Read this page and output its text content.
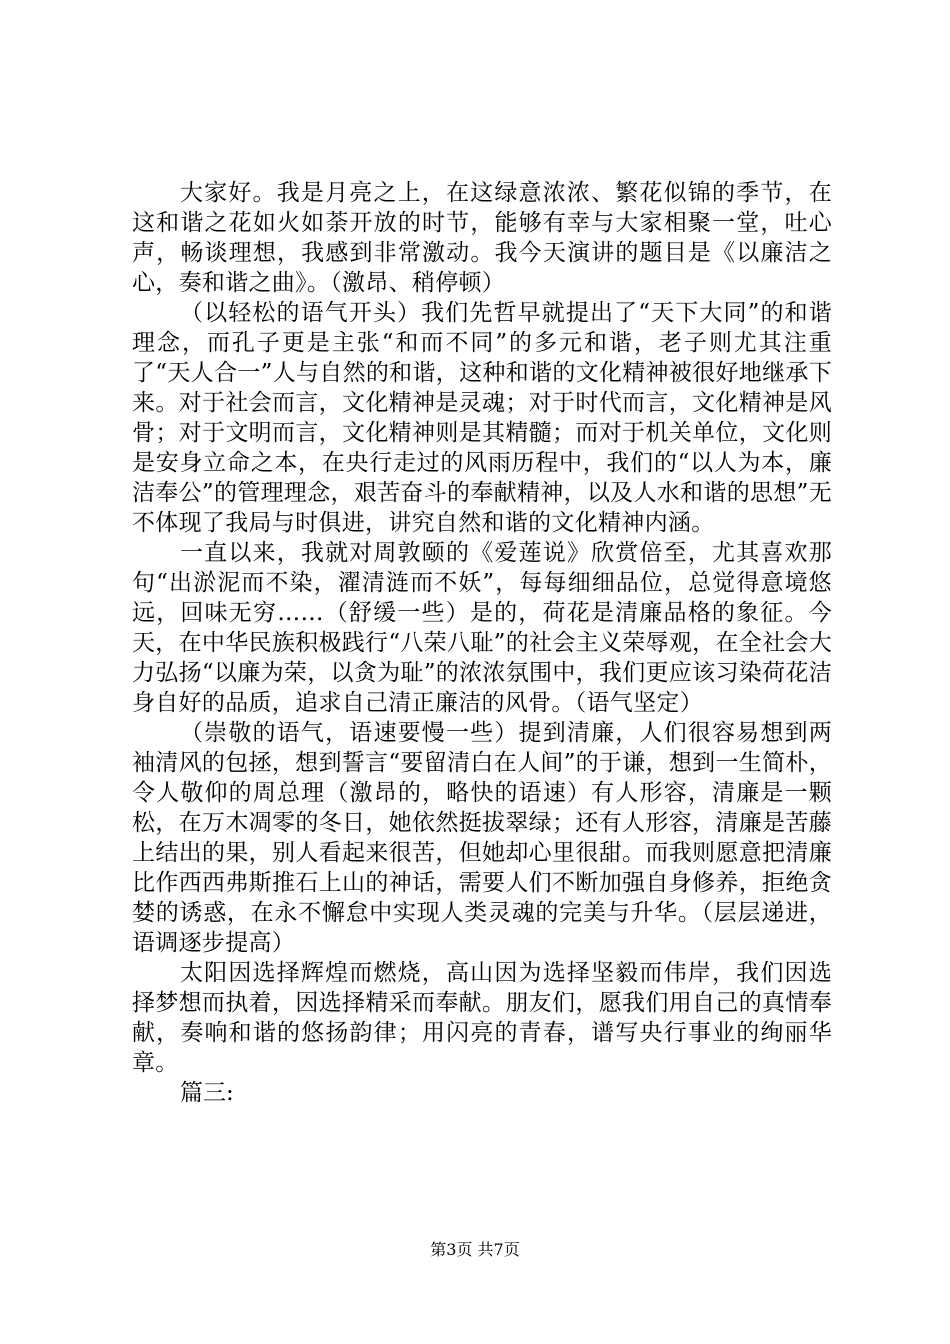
大家好。我是月亮之上，在这绿意浓浓、繁花似锦的季节，在这和谐之花如火如荼开放的时节，能够有幸与大家相聚一堂，吐心声，畅谈理想，我感到非常激动。我今天演讲的题目是《以廉洁之心，奏和谐之曲》。（激昂、稍停顿）

（以轻松的语气开头）我们先哲早就提出了“天下大同”的和谐理念，而孔子更是主张“和而不同”的多元和谐，老子则尤其注重了“天人合一”人与自然的和谐，这种和谐的文化精神被很好地继承下来。对于社会而言，文化精神是灵魂；对于时代而言，文化精神是风骨；对于文明而言，文化精神则是其精髓；而对于机关单位，文化则是安身立命之本，在央行走过的风雨历程中，我们的“以人为本，廉洁奉公”的管理理念，艰苦奋斗的奉献精神，以及人水和谐的思想”无不体现了我局与时俱进，讲究自然和谐的文化精神内涵。

一直以来，我就对周敦颐的《爱莲说》欣赏倍至，尤其喜欢那句“出淤泥而不染，濯清涟而不妖”，每每细细品位，总觉得意境悠远，回味无穷……（舒缓一些）是的，荷花是清廉品格的象征。今天，在中华民族积极践行“八荣八耻”的社会主义荣辱观，在全社会大力弘扬“以廉为荣，以贪为耻”的浓浓氛围中，我们更应该习染荷花洁身自好的品质，追求自己清正廉洁的风骨。（语气坚定）

（崇敬的语气，语速要慢一些）提到清廉，人们很容易想到两袖清风的包拯，想到誓言“要留清白在人间”的于谦，想到一生简朴，令人敬仰的周总理（激昂的，略快的语速）有人形容，清廉是一颗松，在万木凋零的冬日，她依然挺拔翠绿；还有人形容，清廉是苦藤上结出的果，别人看起来很苦，但她却心里很甜。而我则愿意把清廉比作西西弗斯推石上山的神话，需要人们不断加强自身修养，拒绝贪婪的诱惑，在永不懈怠中实现人类灵魂的完美与升华。（层层递进，语调逐步提高）

太阳因选择辉煌而燃烧，高山因为选择坚毅而伟岸，我们因选择梦想而执着，因选择精采而奉献。朋友们，愿我们用自己的真情奉献，奏响和谐的悠扬韵律；用闪亮的青春，谱写央行事业的绚丽华章。

篇三:

第3页 共7页
